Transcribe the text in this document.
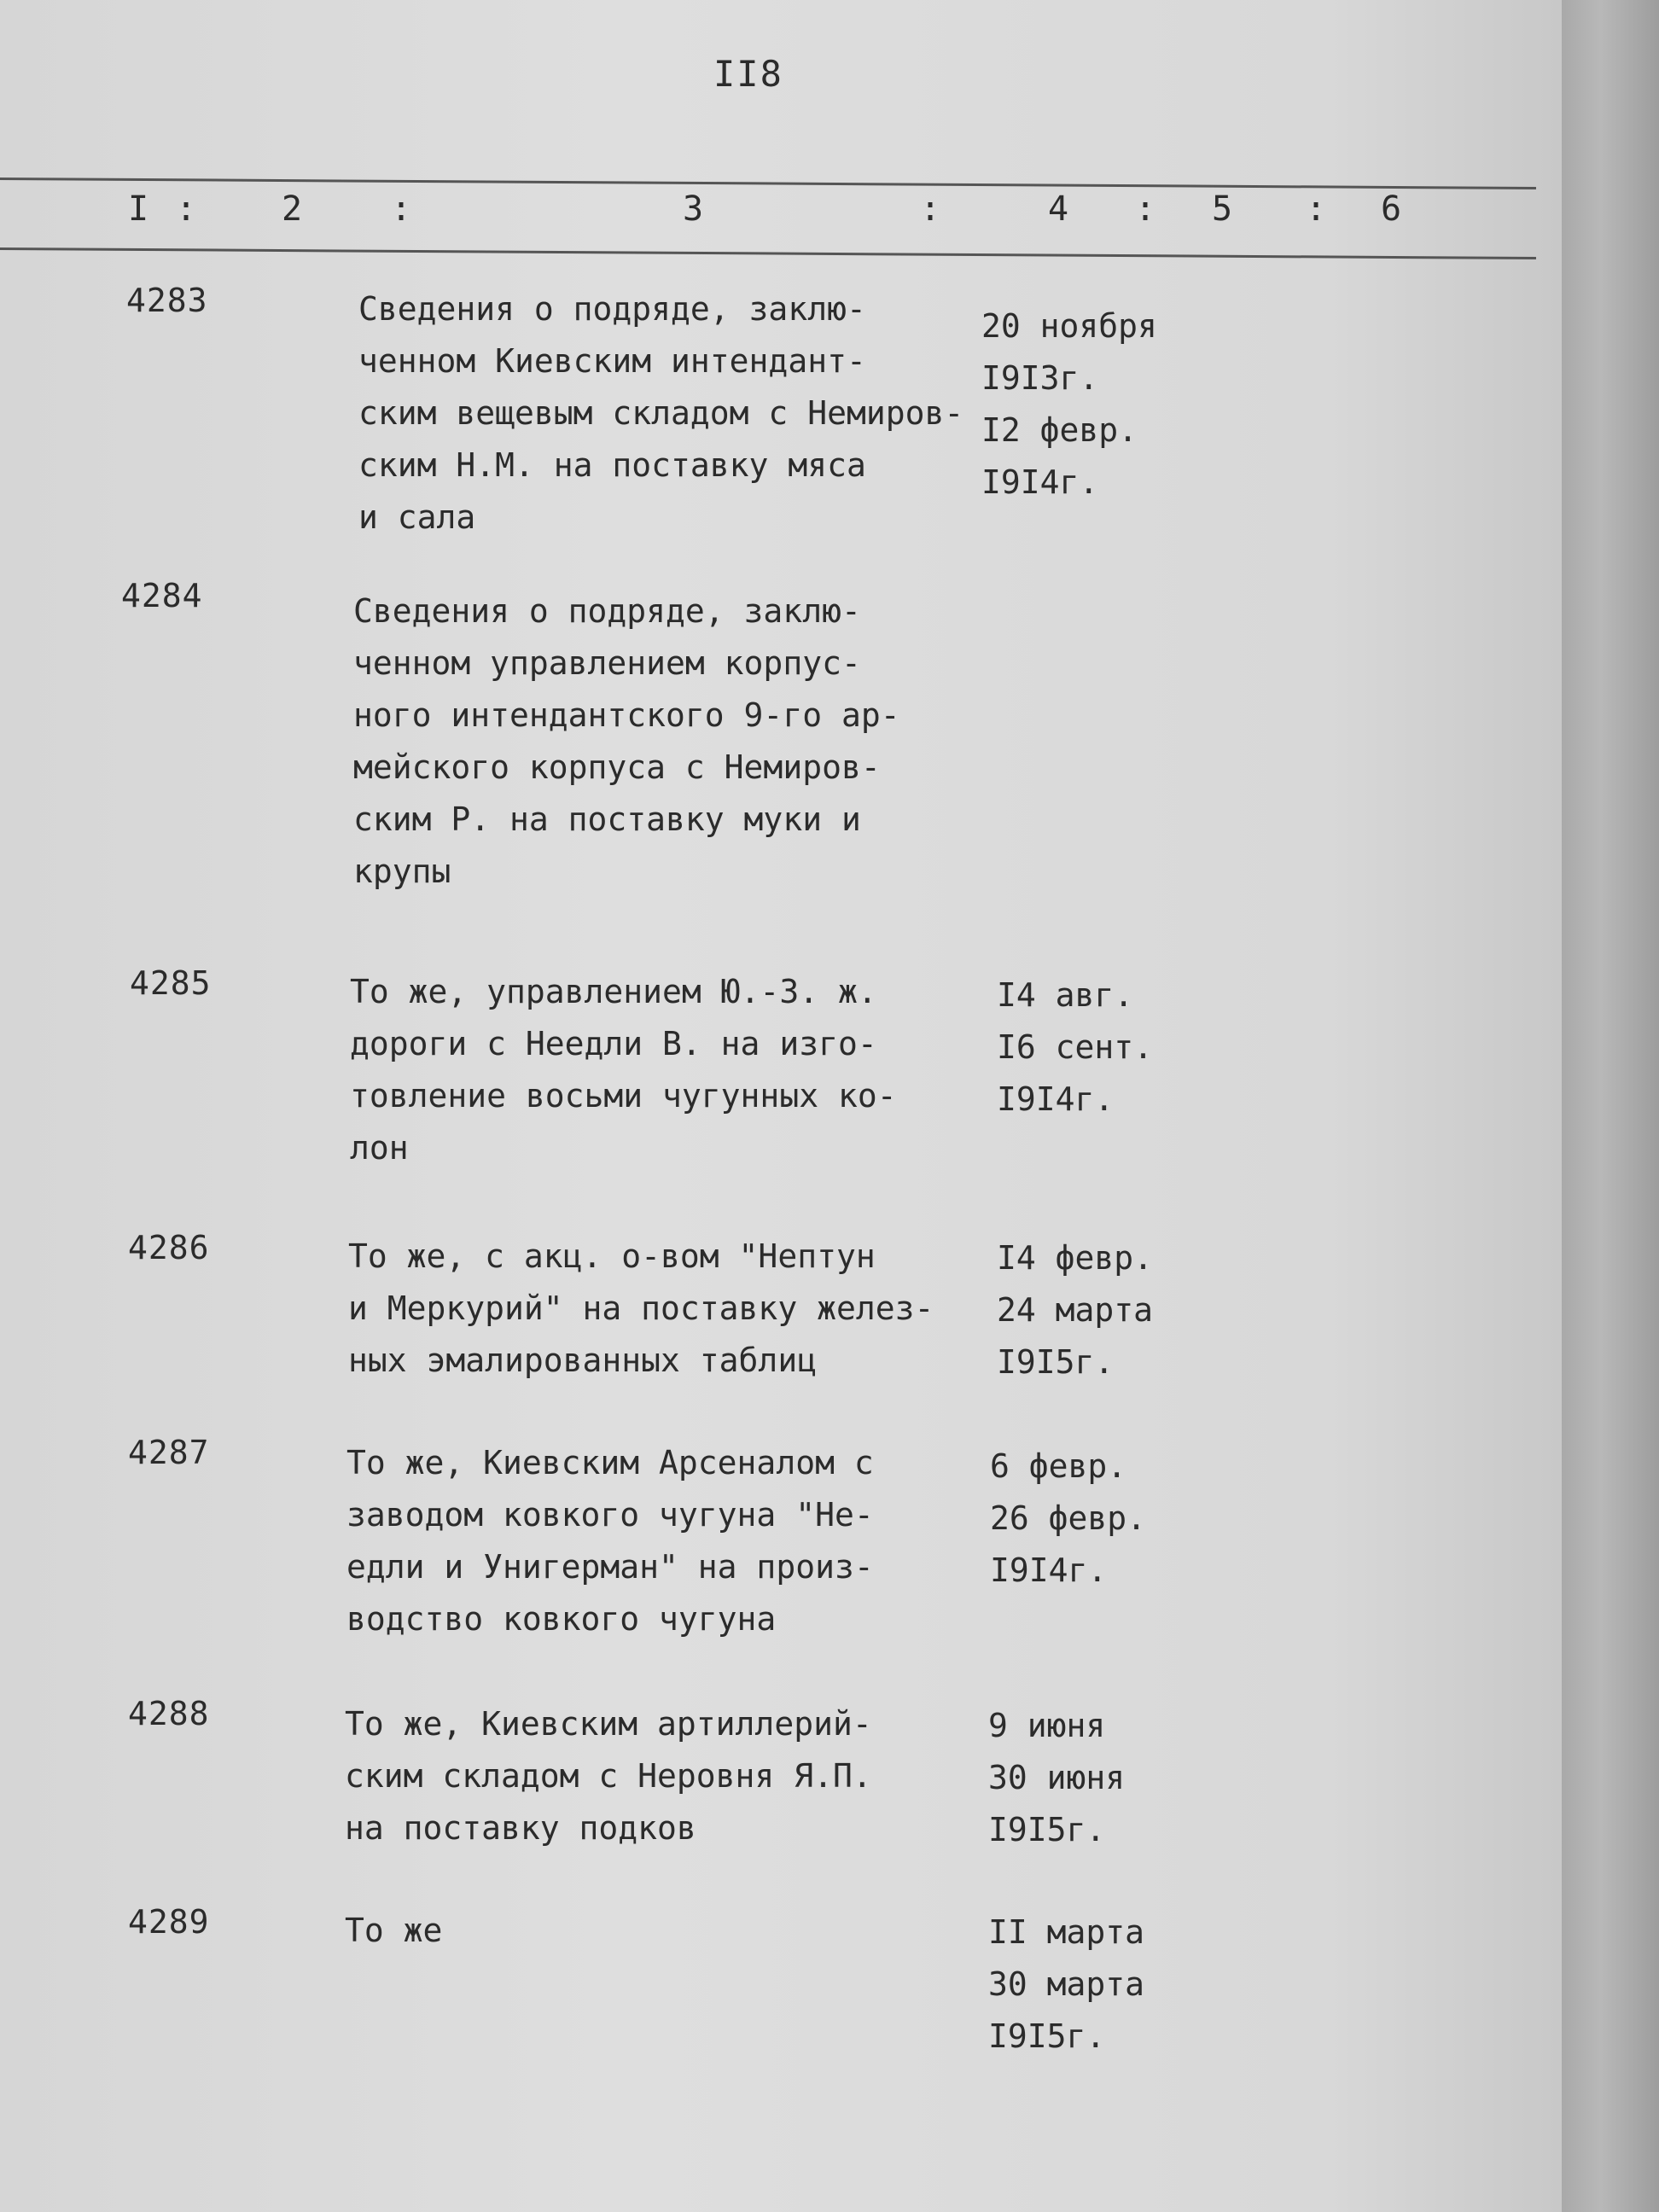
II8
I : 2	:	3	:	4 : 5 : 6
4283	Сведения о подряде, заклю-
ченном Киевским интендант-
ским вещевым складом с Немиров-
ским Н.М. на поставку мяса
и сала
20 ноября
I9I3г.
I2 февр.
I9I4г.
4284	Сведения о подряде, заклю-
ченном управлением корпус-
ного интендантского 9-го ар-
мейского корпуса с Немиров-
ским Р. на поставку муки и
крупы
4285	То же, управлением Ю.-З. ж.
дороги с Неедли В. на изго-
товление восьми чугунных ко-
лон
I4 авг.
I6 сент.
I9I4г.
4286	То же, с акц. о-вом "Нептун
и Меркурий" на поставку желез-
ных эмалированных таблиц
I4 февр.
24 марта
I9I5г.
4287	То же, Киевским Арсеналом с
заводом ковкого чугуна "Не-
едли и Унигерман" на произ-
водство ковкого чугуна
6 февр.
26 февр.
I9I4г.
4288	То же, Киевским артиллерий-
ским складом с Неровня Я.П.
на поставку подков
9 июня
30 июня
I9I5г.
4289	То же	II марта
30 марта
I9I5г.
